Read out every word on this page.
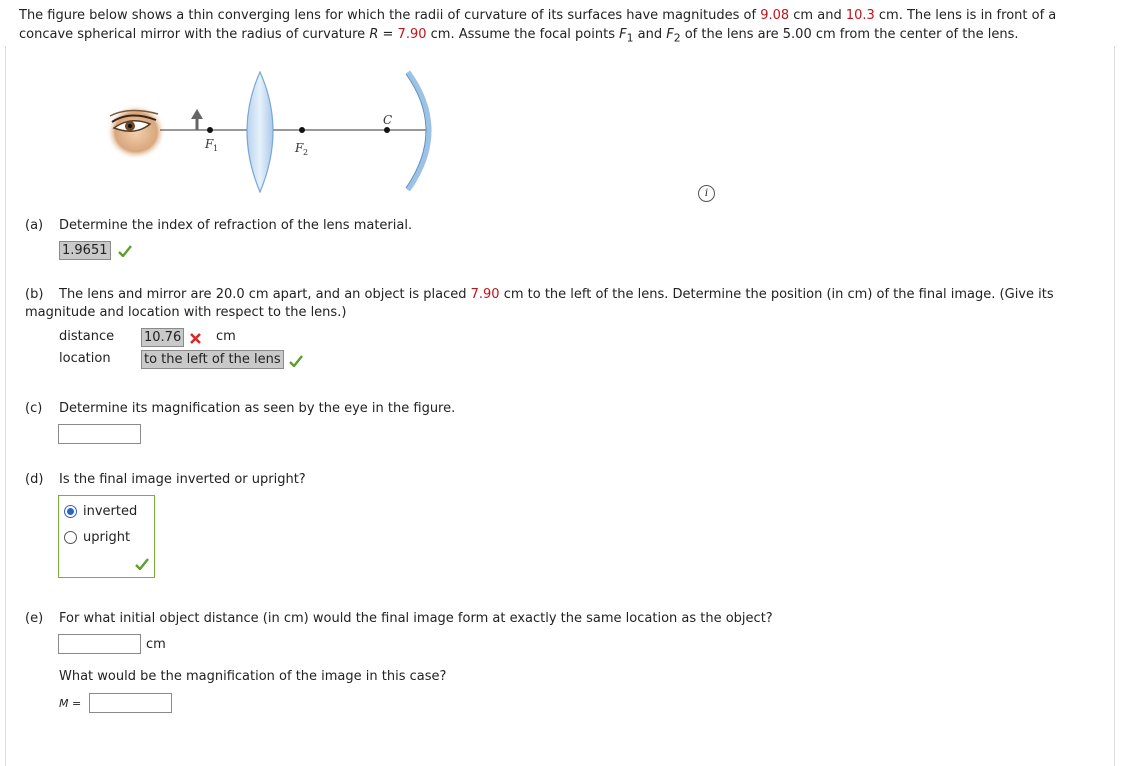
The figure below shows a thin converging lens for which the radii of curvature of its surfaces have magnitudes of 9.08 cm and 10.3 cm. The lens is in front of a concave spherical mirror with the radius of curvature R = 7.90 cm. Assume the focal points $F_1$ and $F_2$ of the lens are 5.00 cm from the center of the lens.
F 1	F 2
C
i
(a) Determine the index of refraction of the lens material.
1.9651
(b) The lens and mirror are 20.0 cm apart, and an object is placed 7.90 cm to the left of the lens. Determine the position (in cm) of the final image. (Give its magnitude and location with respect to the lens.)
distance 10.76	cm
location	to the left of the lens
(c) Determine its magnification as seen by the eye in the figure.
(d) Is the final image inverted or upright?
inverted
upright
(e) For what initial object distance (in cm) would the final image form at exactly the same location as the object?
cm
What would be the magnification of the image in this case?
M =
